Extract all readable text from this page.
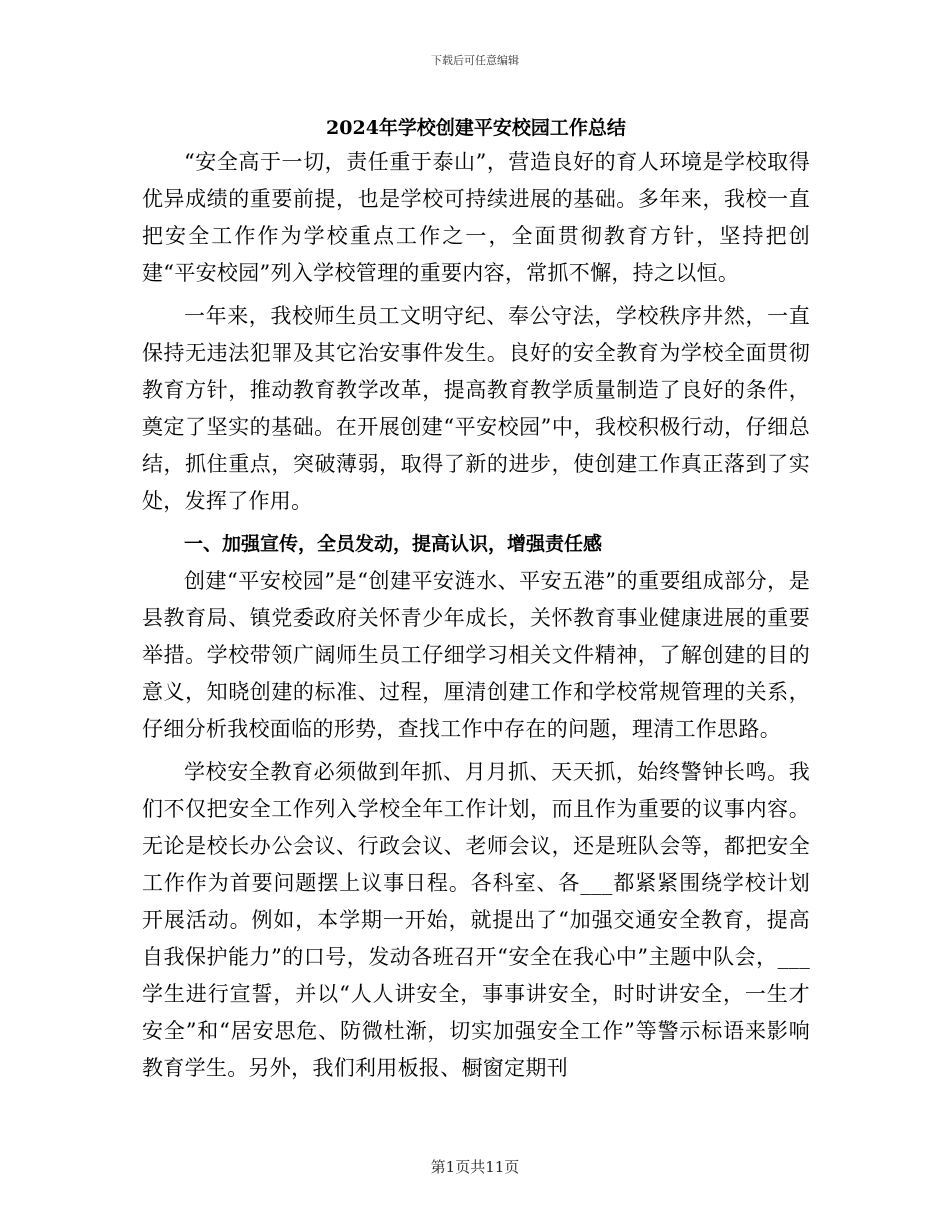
下载后可任意编辑
2024年学校创建平安校园工作总结

“安全高于一切，责任重于泰山”，营造良好的育人环境是学校取得优异成绩的重要前提，也是学校可持续进展的基础。多年来，我校一直把安全工作作为学校重点工作之一，全面贯彻教育方针，坚持把创建“平安校园”列入学校管理的重要内容，常抓不懈，持之以恒。

一年来，我校师生员工文明守纪、奉公守法，学校秩序井然，一直保持无违法犯罪及其它治安事件发生。良好的安全教育为学校全面贯彻教育方针，推动教育教学改革，提高教育教学质量制造了良好的条件，奠定了坚实的基础。在开展创建“平安校园”中，我校积极行动，仔细总结，抓住重点，突破薄弱，取得了新的进步，使创建工作真正落到了实处，发挥了作用。

一、加强宣传，全员发动，提高认识，增强责任感

创建“平安校园”是“创建平安涟水、平安五港”的重要组成部分，是县教育局、镇党委政府关怀青少年成长，关怀教育事业健康进展的重要举措。学校带领广阔师生员工仔细学习相关文件精神，了解创建的目的意义，知晓创建的标准、过程，厘清创建工作和学校常规管理的关系，仔细分析我校面临的形势，查找工作中存在的问题，理清工作思路。

学校安全教育必须做到年抓、月月抓、天天抓，始终警钟长鸣。我们不仅把安全工作列入学校全年工作计划，而且作为重要的议事内容。无论是校长办公会议、行政会议、老师会议，还是班队会等，都把安全工作作为首要问题摆上议事日程。各科室、各___都紧紧围绕学校计划开展活动。例如，本学期一开始，就提出了“加强交通安全教育，提高自我保护能力”的口号，发动各班召开“安全在我心中”主题中队会，___学生进行宣誓，并以“人人讲安全，事事讲安全，时时讲安全，一生才安全”和“居安思危、防微杜渐，切实加强安全工作”等警示标语来影响教育学生。另外，我们利用板报、橱窗定期刊

第1页共11页
